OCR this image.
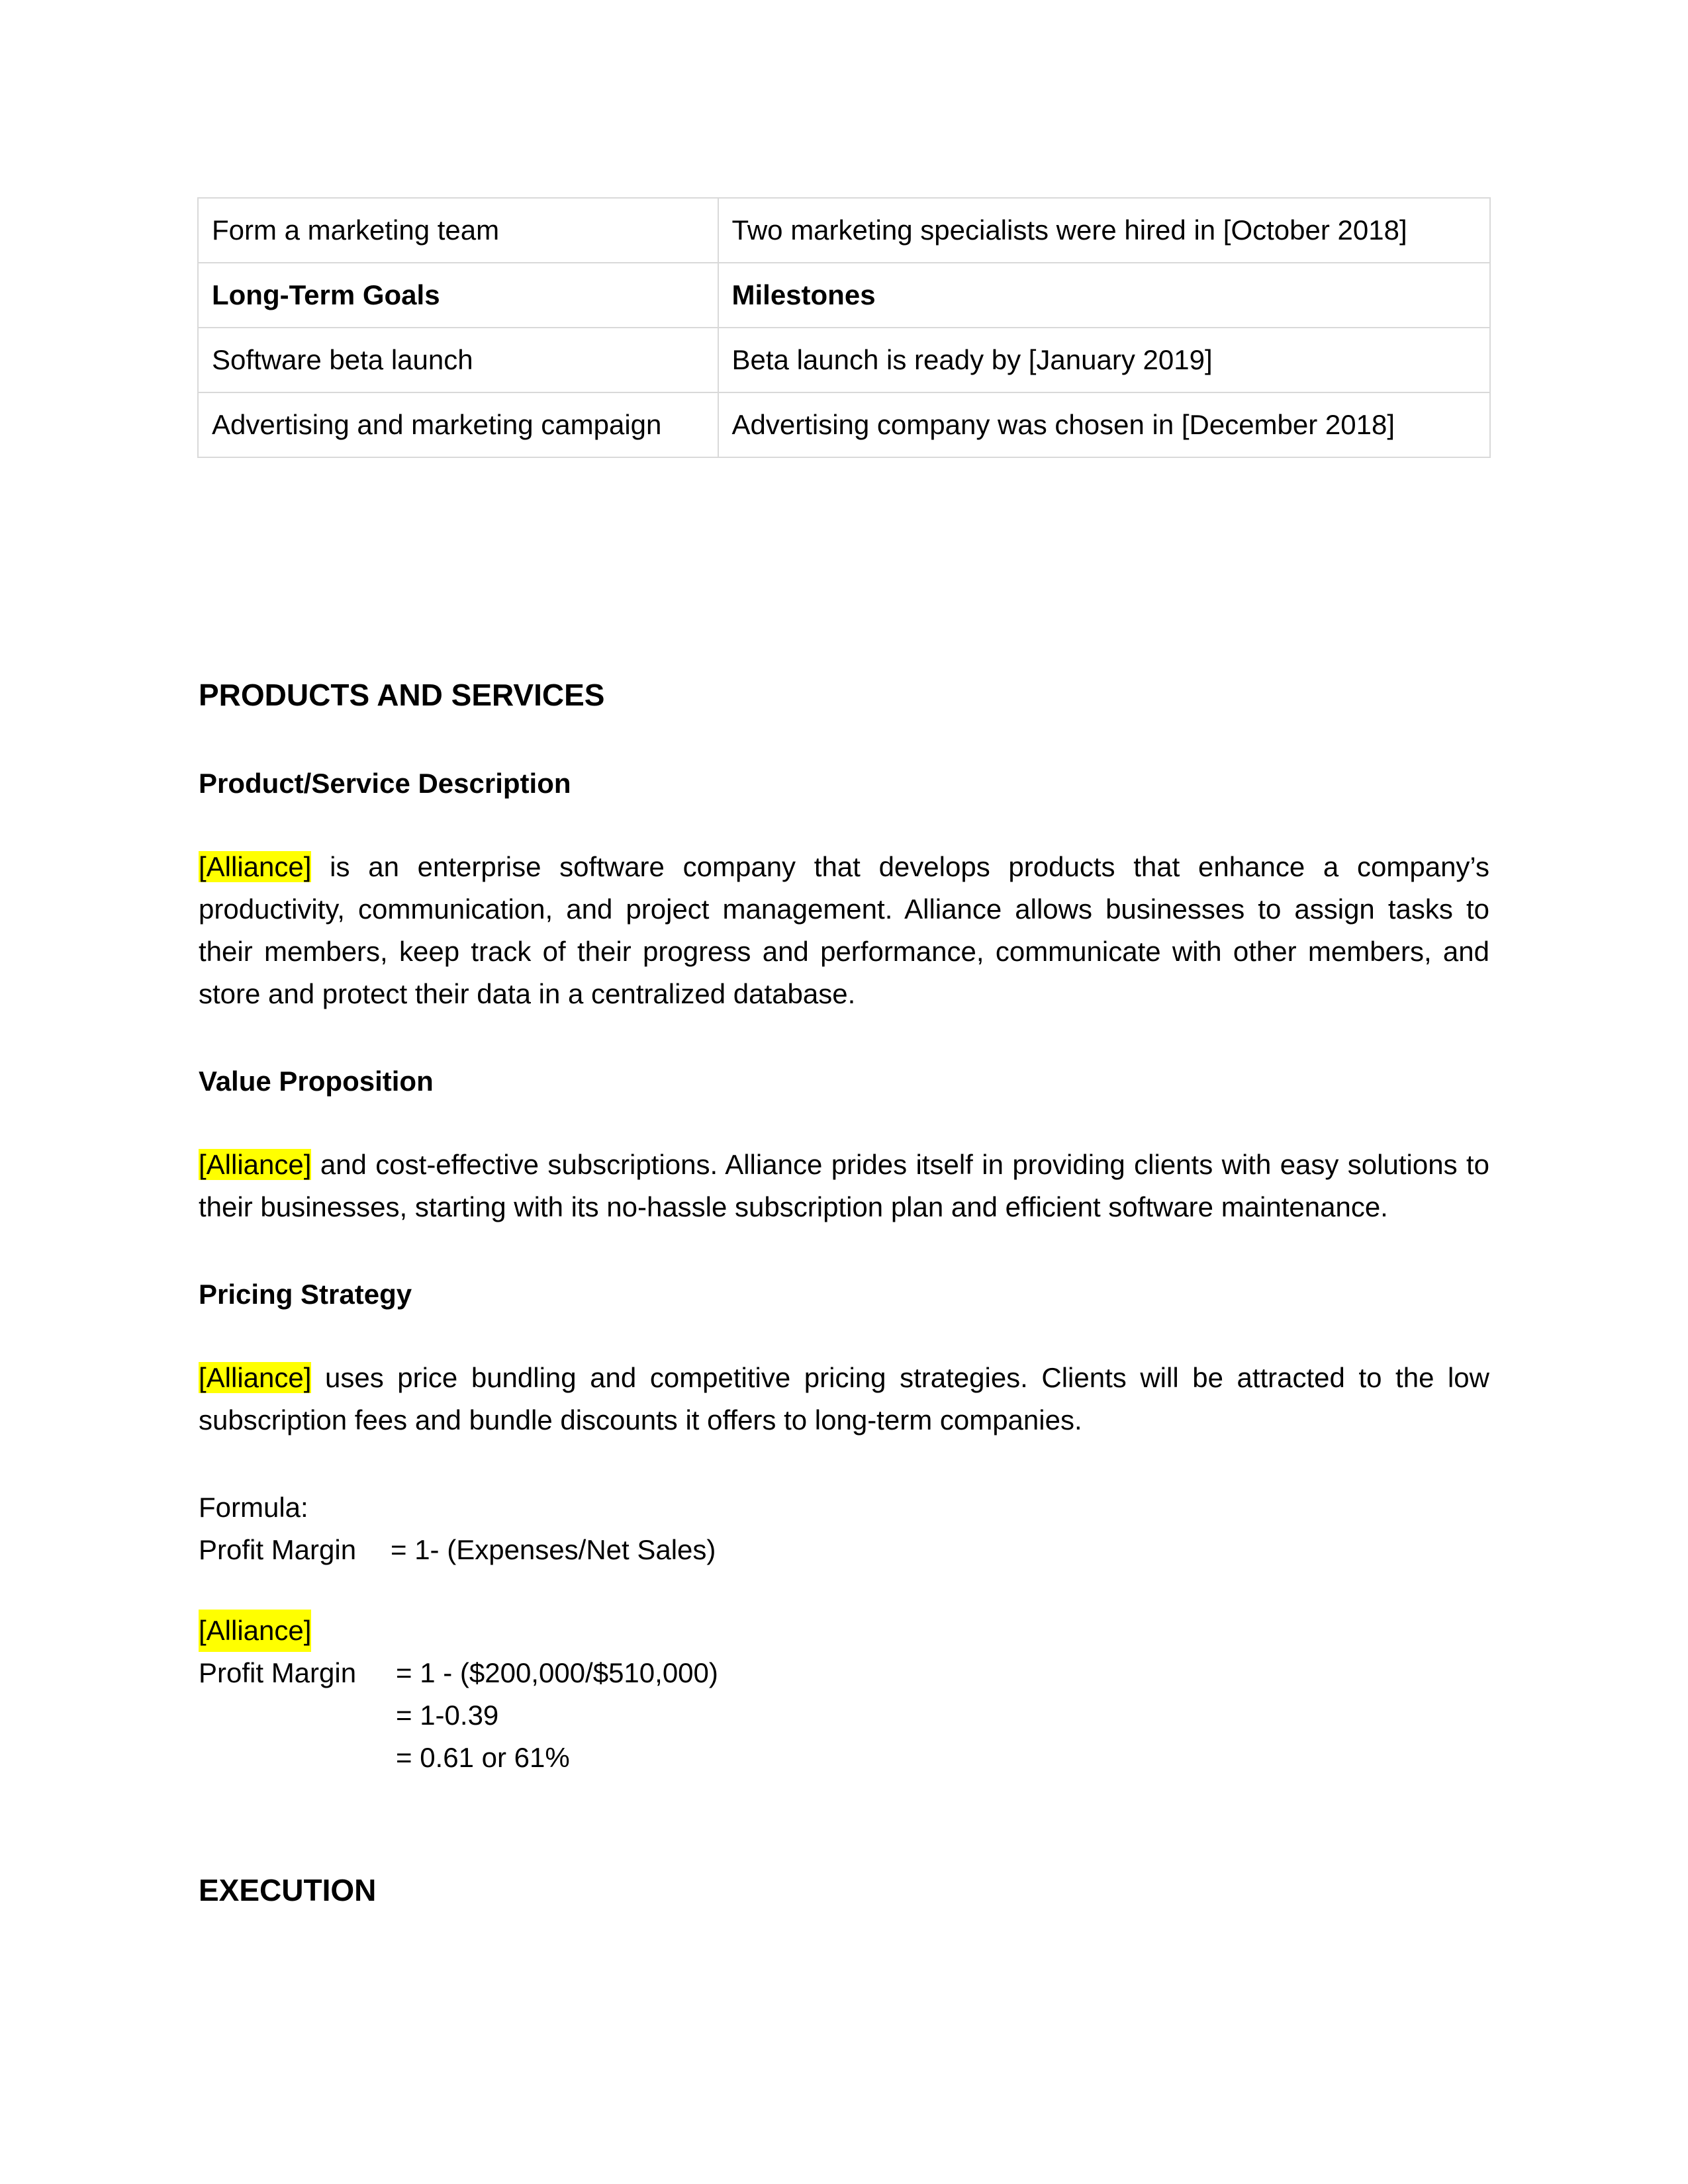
Form a marketing team	Two marketing specialists were hired in [October 2018]
Long-Term Goals	Milestones
Software beta launch	Beta launch is ready by [January 2019]
Advertising and marketing campaign	Advertising company was chosen in [December 2018]
PRODUCTS AND SERVICES
Product/Service Description

[Alliance] is an enterprise software company that develops products that enhance a company’s productivity, communication, and project management. Alliance allows businesses to assign tasks to their members, keep track of their progress and performance, communicate with other members, and store and protect their data in a centralized database.

Value Proposition

[Alliance] and cost-effective subscriptions. Alliance prides itself in providing clients with easy solutions to their businesses, starting with its no-hassle subscription plan and efficient software maintenance.

Pricing Strategy

[Alliance] uses price bundling and competitive pricing strategies. Clients will be attracted to the low subscription fees and bundle discounts it offers to long-term companies.

Formula:
Profit Margin	= 1- (Expenses/Net Sales)
[Alliance]
Profit Margin	= 1 - ($200,000/$510,000)
= 1-0.39
= 0.61 or 61%
EXECUTION
